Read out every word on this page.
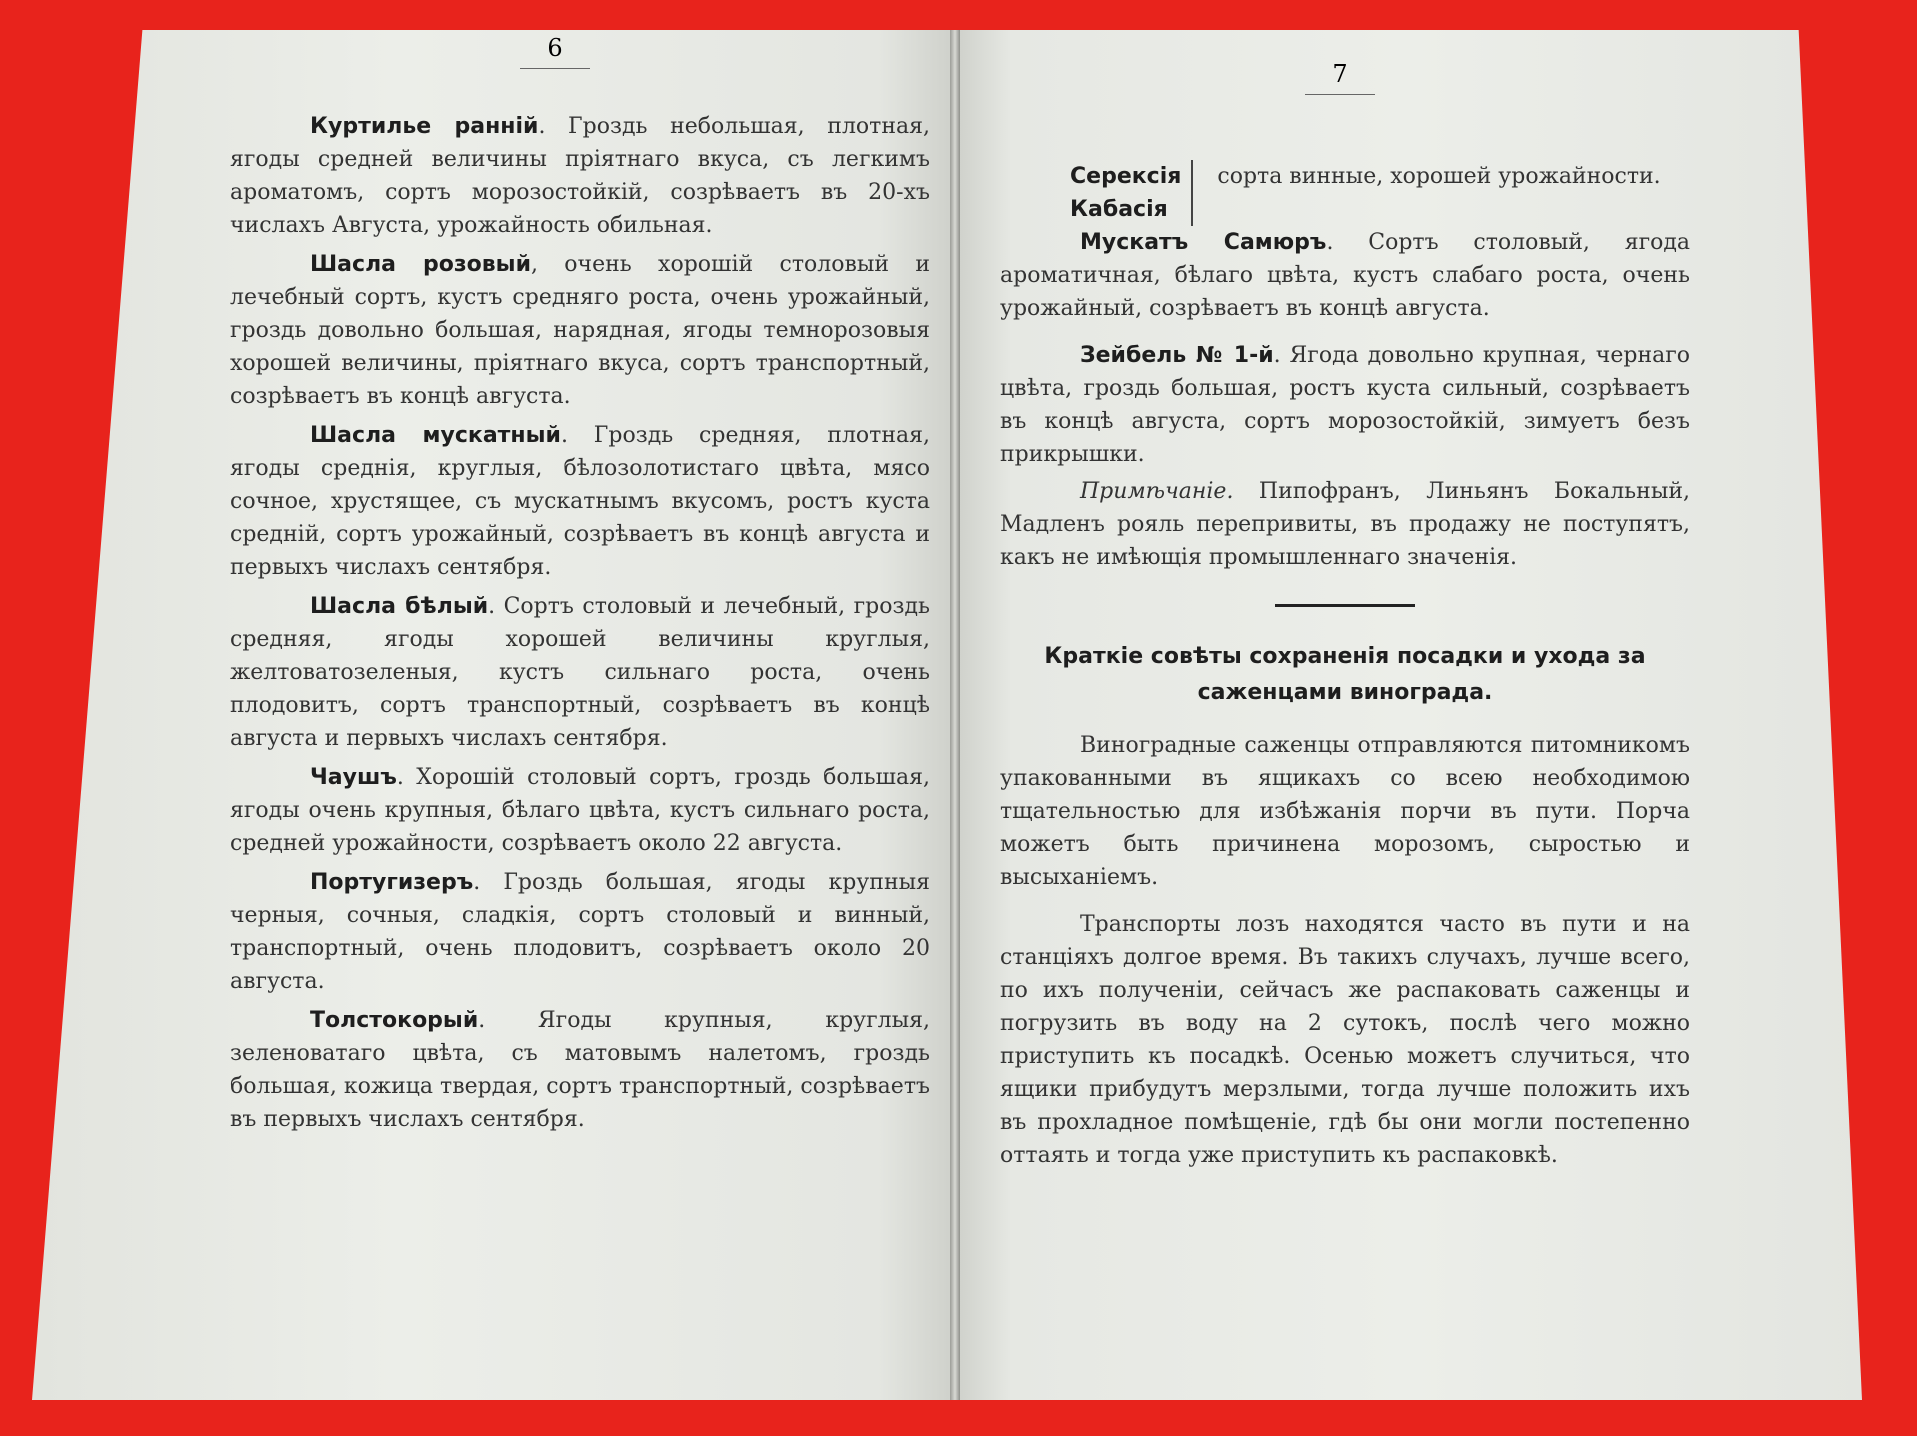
6
7

Куртилье ранній. Гроздь небольшая, плотная, ягоды средней величины пріятнаго вкуса, съ легкимъ ароматомъ, сортъ морозостойкій, созрѣваетъ въ 20-хъ числахъ Августа, урожайность обильная.

Шасла розовый, очень хорошій столовый и лечебный сортъ, кустъ средняго роста, очень урожайный, гроздь довольно большая, нарядная, ягоды темнорозовыя хорошей величины, пріятнаго вкуса, сортъ транспортный, созрѣваетъ въ концѣ августа.

Шасла мускатный. Гроздь средняя, плотная, ягоды среднія, круглыя, бѣлозолотистаго цвѣта, мясо сочное, хрустящее, съ мускатнымъ вкусомъ, ростъ куста средній, сортъ урожайный, созрѣваетъ въ концѣ августа и первыхъ числахъ сентября.

Шасла бѣлый. Сортъ столовый и лечебный, гроздь средняя, ягоды хорошей величины круглыя, желтоватозеленыя, кустъ сильнаго роста, очень плодовитъ, сортъ транспортный, созрѣваетъ въ концѣ августа и первыхъ числахъ сентября.

Чаушъ. Хорошій столовый сортъ, гроздь большая, ягоды очень крупныя, бѣлаго цвѣта, кустъ сильнаго роста, средней урожайности, созрѣваетъ около 22 августа.

Португизеръ. Гроздь большая, ягоды крупныя черныя, сочныя, сладкія, сортъ столовый и винный, транспортный, очень плодовитъ, созрѣваетъ около 20 августа.

Толстокорый. Ягоды крупныя, круглыя, зеленоватаго цвѣта, съ матовымъ налетомъ, гроздь большая, кожица твердая, сортъ транспортный, созрѣваетъ въ первыхъ числахъ сентября.

Серексія
Кабасія
сорта винные, хорошей урожайности.

Мускатъ Самюръ. Сортъ столовый, ягода ароматичная, бѣлаго цвѣта, кустъ слабаго роста, очень урожайный, созрѣваетъ въ концѣ августа.

Зейбель № 1-й. Ягода довольно крупная, чернаго цвѣта, гроздь большая, ростъ куста сильный, созрѣваетъ въ концѣ августа, сортъ морозостойкій, зимуетъ безъ прикрышки.

Примѣчаніе. Пипофранъ, Линьянъ Бокальный, Мадленъ рояль перепривиты, въ продажу не поступятъ, какъ не имѣющія промышленнаго значенія.

Краткіе совѣты сохраненія посадки и ухода за саженцами винограда.

Виноградные саженцы отправляются питомникомъ упакованными въ ящикахъ со всею необходимою тщательностью для избѣжанія порчи въ пути. Порча можетъ быть причинена морозомъ, сыростью и высыханіемъ.

Транспорты лозъ находятся часто въ пути и на станціяхъ долгое время. Въ такихъ случахъ, лучше всего, по ихъ полученіи, сейчасъ же распаковать саженцы и погрузить въ воду на 2 сутокъ, послѣ чего можно приступить къ посадкѣ. Осенью можетъ случиться, что ящики прибудутъ мерзлыми, тогда лучше положить ихъ въ прохладное помѣщеніе, гдѣ бы они могли постепенно оттаять и тогда уже приступить къ распаковкѣ.
